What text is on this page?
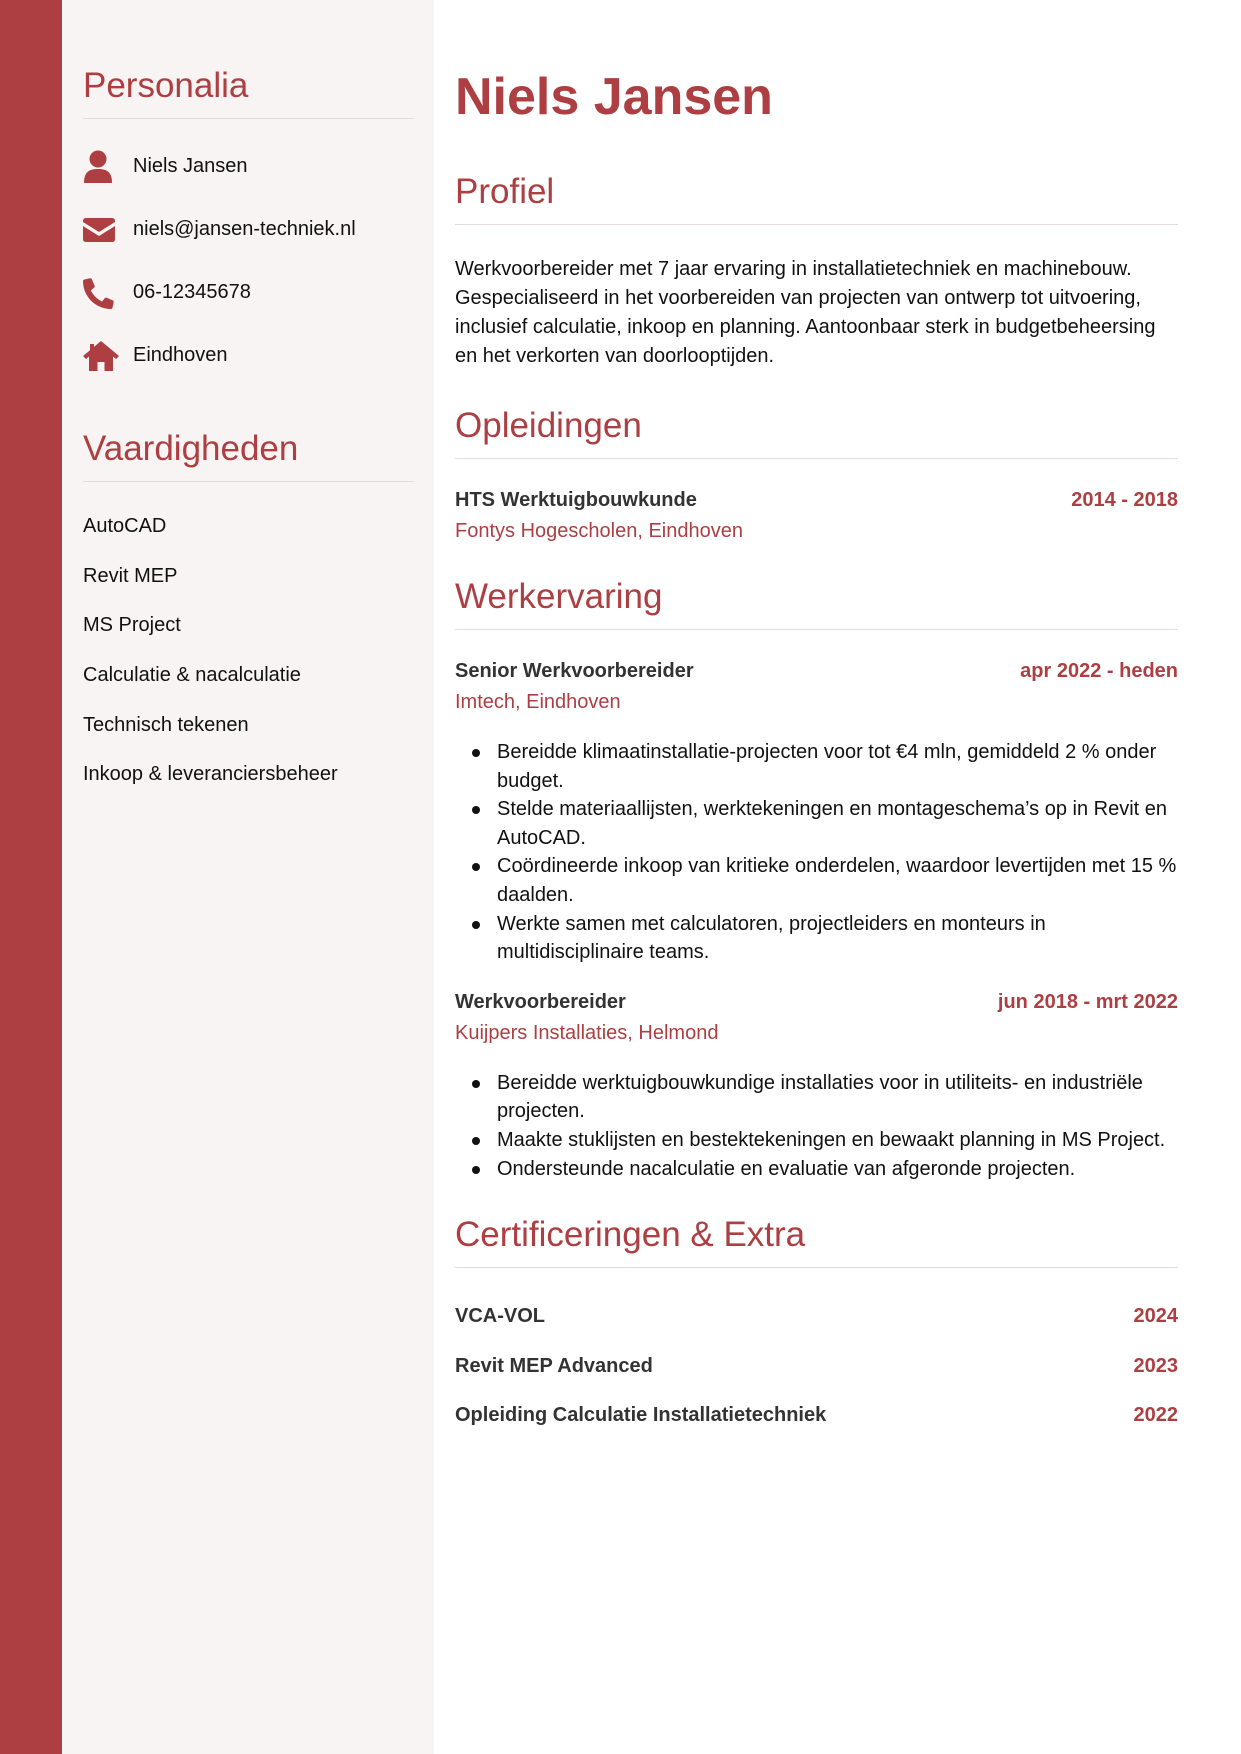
Personalia
Niels Jansen
niels@jansen-techniek.nl
06-12345678
Eindhoven
Vaardigheden
AutoCAD
Revit MEP
MS Project
Calculatie & nacalculatie
Technisch tekenen
Inkoop & leveranciersbeheer
Niels Jansen
Profiel

Werkvoorbereider met 7 jaar ervaring in installatietechniek en machinebouw. Gespecialiseerd in het voorbereiden van projecten van ontwerp tot uitvoering, inclusief calculatie, inkoop en planning. Aantoonbaar sterk in budgetbeheersing en het verkorten van doorlooptijden.

Opleidingen
HTS Werktuigbouwkunde	2014 - 2018
Fontys Hogescholen, Eindhoven
Werkervaring
Senior Werkvoorbereider	apr 2022 - heden
Imtech, Eindhoven
Bereidde klimaatinstallatie-projecten voor tot €4 mln, gemiddeld 2 % onder budget.
Stelde materiaallijsten, werktekeningen en montageschema’s op in Revit en AutoCAD.
Coördineerde inkoop van kritieke onderdelen, waardoor levertijden met 15 % daalden.
Werkte samen met calculatoren, projectleiders en monteurs in multidisciplinaire teams.
Werkvoorbereider	jun 2018 - mrt 2022
Kuijpers Installaties, Helmond
Bereidde werktuigbouwkundige installaties voor in utiliteits- en industriële projecten.
Maakte stuklijsten en bestektekeningen en bewaakt planning in MS Project.
Ondersteunde nacalculatie en evaluatie van afgeronde projecten.
Certificeringen & Extra
VCA-VOL	2024
Revit MEP Advanced	2023
Opleiding Calculatie Installatietechniek	2022
